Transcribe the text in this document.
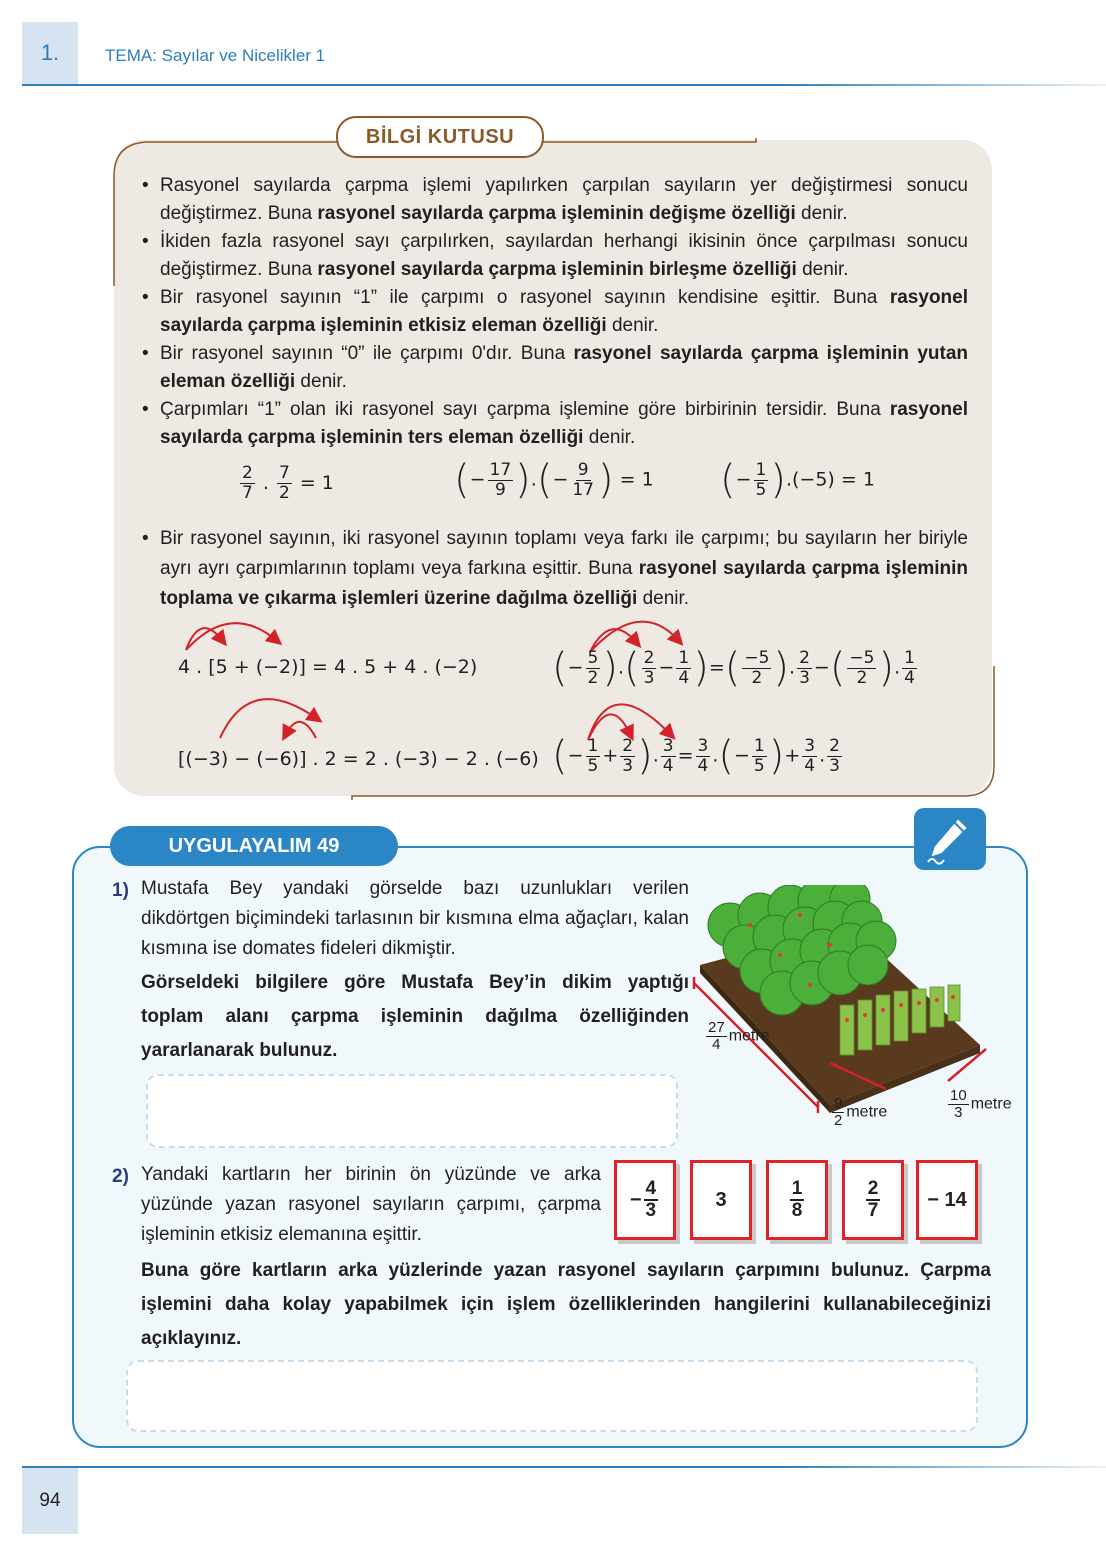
1.	TEMA: Sayılar ve Nicelikler 1
BİLGİ KUTUSU
• Rasyonel sayılarda çarpma işlemi yapılırken çarpılan sayıların yer değiştirmesi sonucu değiştirmez. Buna rasyonel sayılarda çarpma işleminin değişme özelliği denir.
• İkiden fazla rasyonel sayı çarpılırken, sayılardan herhangi ikisinin önce çarpılması sonucu değiştirmez. Buna rasyonel sayılarda çarpma işleminin birleşme özelliği denir.
• Bir rasyonel sayının “1” ile çarpımı o rasyonel sayının kendisine eşittir. Buna rasyonel sayılarda çarpma işleminin etkisiz eleman özelliği denir.
• Bir rasyonel sayının “0” ile çarpımı 0'dır. Buna rasyonel sayılarda çarpma işleminin yutan eleman özelliği denir.
• Çarpımları “1” olan iki rasyonel sayı çarpma işlemine göre birbirinin tersidir. Buna rasyonel sayılarda çarpma işleminin ters eleman özelliği denir.
$\frac{2}{7}$ . $\frac{7}{2} = 1$	(− $\frac{17}{9}$ ).(− $\frac{9}{17}$ ) = 1 (− $\frac{1}{5} ).(-5) = 1$
• Bir rasyonel sayının, iki rasyonel sayının toplamı veya farkı ile çarpımı; bu sayıların her biriyle ayrı ayrı çarpımlarının toplamı veya farkına eşittir. Buna rasyonel sayılarda çarpma işleminin toplama ve çıkarma işlemleri üzerine dağılma özelliği denir.
4 . [5 + (−2)] = 4 . 5 + 4 . (−2) (− $\frac{5}{2}$ ).( $\frac{2}{3} - \frac{1}{4}$ )=( $\frac{-5}{2}$ ). $\frac{2}{3}$ −( $\frac{-5}{2}$ ). $\frac{1}{4}$
[(−3) − (−6)] . 2 = 2 . (−3) − 2 . (−6) (− $\frac{1}{5} + \frac{2}{3}$ ). $\frac{3}{4} = \frac{3}{4}$ .(− $\frac{1}{5}$ )+ $\frac{3}{4}$ . $\frac{2}{3}$
UYGULAYALIM 49
1) Mustafa Bey yandaki görselde bazı uzunlukları verilen dikdörtgen biçimindeki tarlasının bir kısmına elma ağaçları, kalan kısmına ise domates fideleri dikmiştir.
Görseldeki bilgilere göre Mustafa Bey’in dikim yaptığı toplam alanı çarpma işleminin dağılma özelliğinden yararlanarak bulunuz.	$\frac{27}{4}$ metre
$\frac{9}{2}$ metre	$\frac{10}{3}$ metre
2) Yandaki kartların her birinin ön yüzünde ve arka yüzünde yazan rasyonel sayıların çarpımı, çarpma işleminin etkisiz elemanına eşittir.
− $\frac{4}{3}$	3	1
8
2
7	− 14
Buna göre kartların arka yüzlerinde yazan rasyonel sayıların çarpımını bulunuz. Çarpma işlemini daha kolay yapabilmek için işlem özelliklerinden hangilerini kullanabileceğinizi açıklayınız.
94
